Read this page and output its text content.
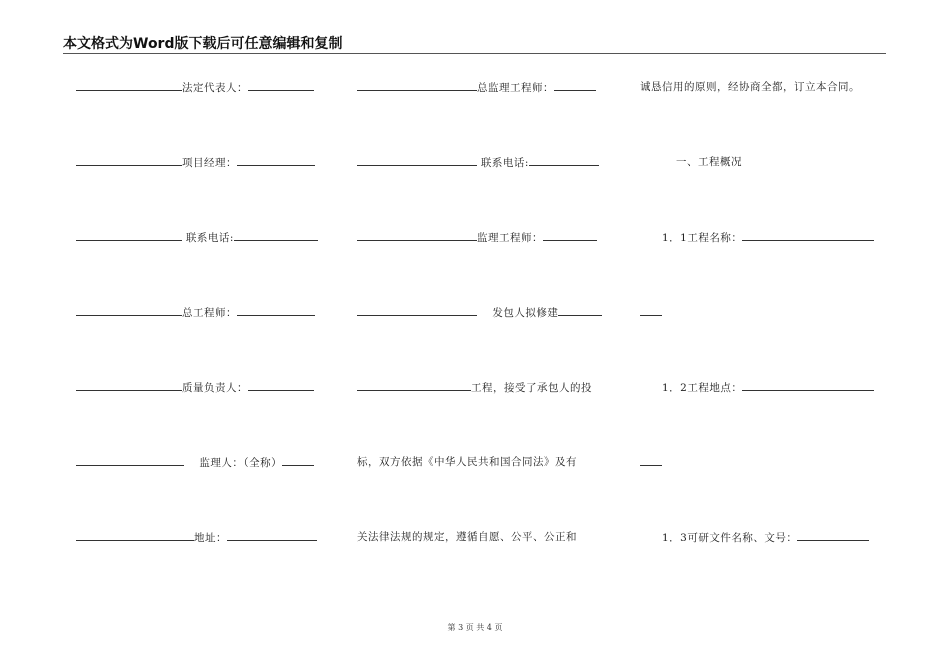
本文格式为Word版下载后可任意编辑和复制
法定代表人：
项目经理：
联系电话:
总工程师：
质量负责人：
监理人：（全称）
地址：
总监理工程师：
联系电话:
监理工程师：
发包人拟修建
工程，接受了承包人的投
标，双方依据《中华人民共和国合同法》及有
关法律法规的规定，遵循自愿、公平、公正和
诚恳信用的原则，经协商全都，订立本合同。
一、工程概况
1．1工程名称：
1．2工程地点：
1．3可研文件名称、文号：
第 3 页 共 4 页
